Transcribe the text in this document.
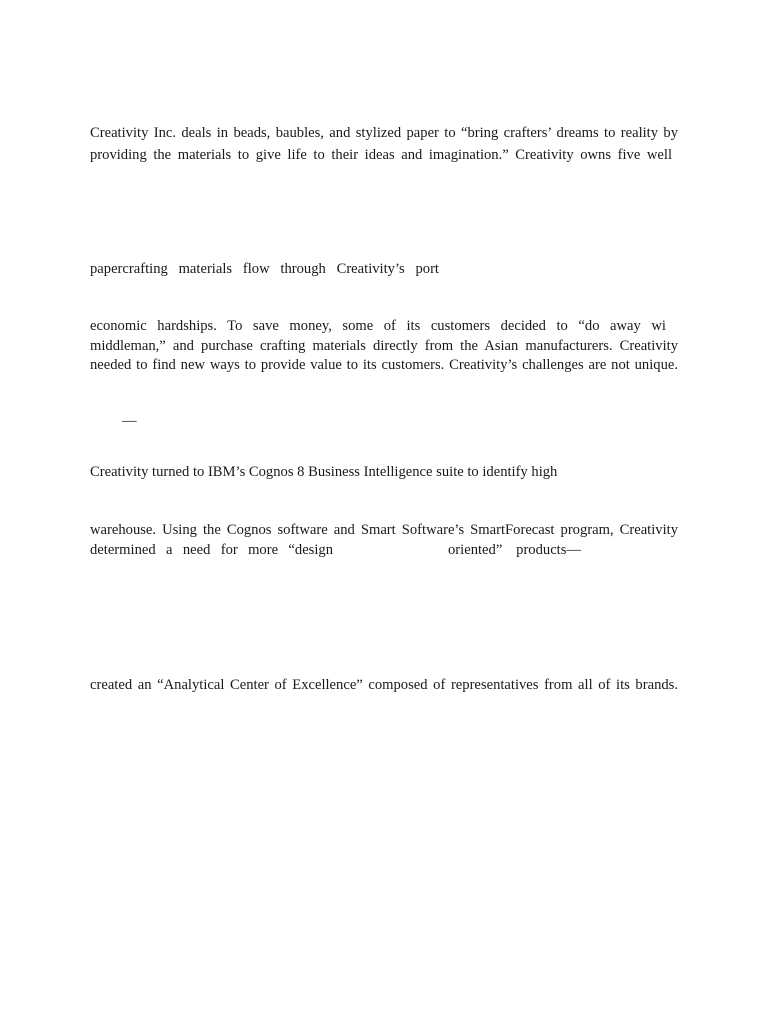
Creativity Inc. deals in beads, baubles, and stylized paper to “bring crafters’ dreams to reality by

providing the materials to give life to their ideas and imagination.” Creativity owns five well

papercrafting materials flow through Creativity’s port

economic hardships. To save money, some of its customers decided to “do away wi

middleman,” and purchase crafting materials directly from the Asian manufacturers. Creativity

needed to find new ways to provide value to its customers. Creativity’s challenges are not unique.

—

Creativity turned to IBM’s Cognos 8 Business Intelligence suite to identify high

warehouse. Using the Cognos software and Smart Software’s SmartForecast program, Creativity

determined a need for more “design	oriented” products—

created an “Analytical Center of Excellence” composed of representatives from all of its brands.
